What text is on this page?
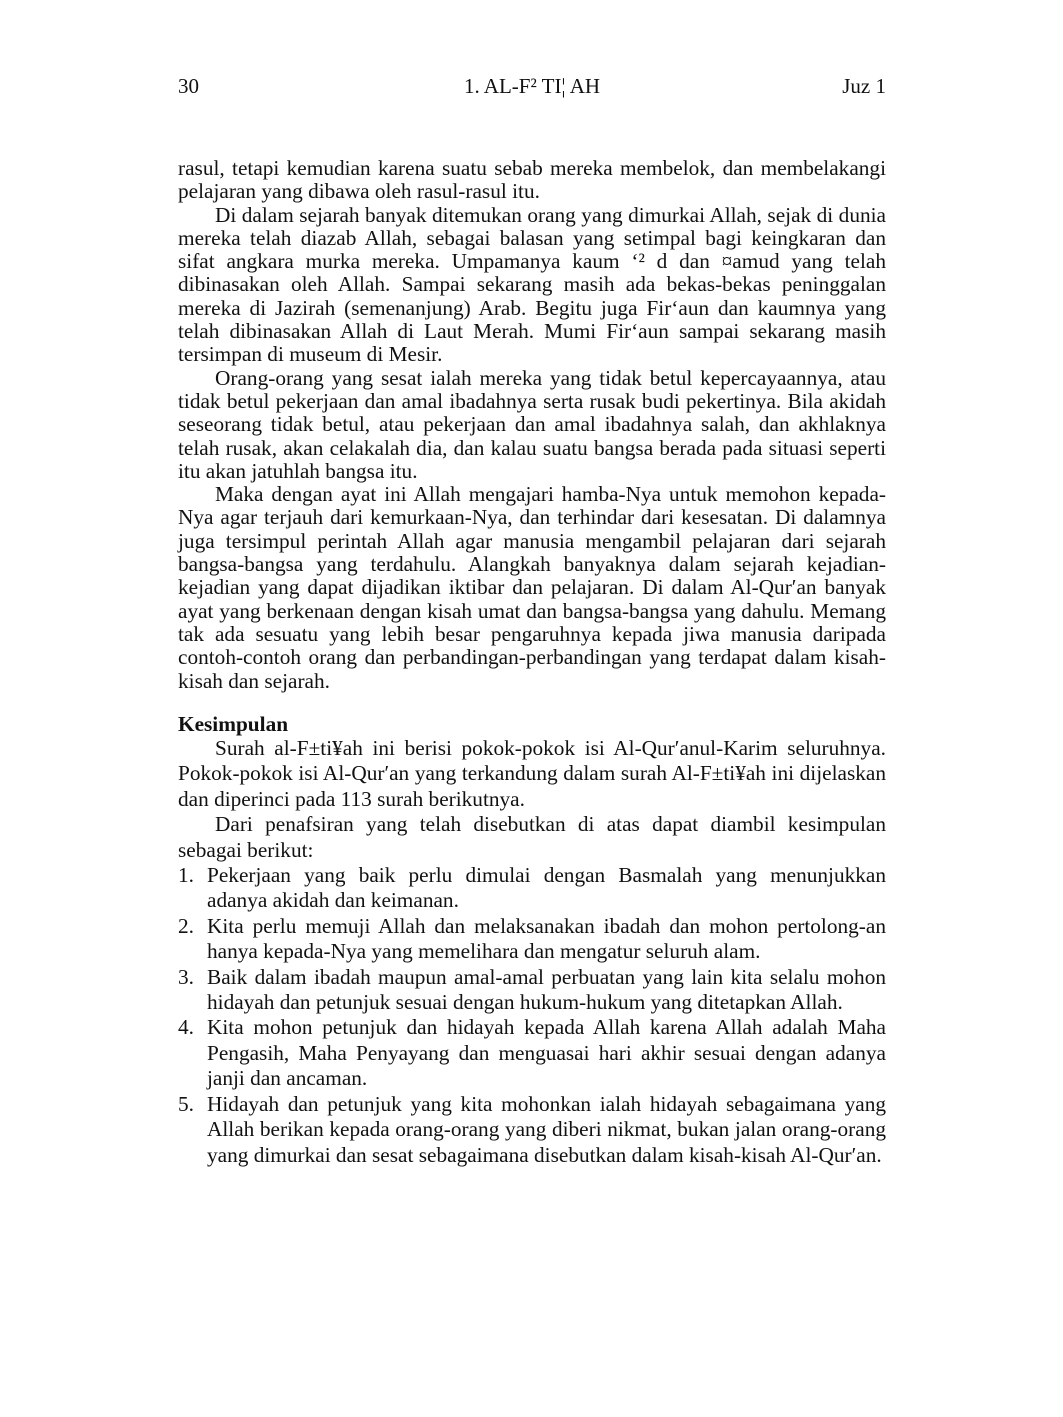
30	1. AL-F² TI¦ AH	Juz 1

rasul, tetapi kemudian karena suatu sebab mereka membelok, dan membelakangi pelajaran yang dibawa oleh rasul-rasul itu.

Di dalam sejarah banyak ditemukan orang yang dimurkai Allah, sejak di dunia mereka telah diazab Allah, sebagai balasan yang setimpal bagi keingkaran dan sifat angkara murka mereka. Umpamanya kaum ‘² d dan ¤amud yang telah dibinasakan oleh Allah. Sampai sekarang masih ada bekas-bekas peninggalan mereka di Jazirah (semenanjung) Arab. Begitu juga Fir‘aun dan kaumnya yang telah dibinasakan Allah di Laut Merah. Mumi Fir‘aun sampai sekarang masih tersimpan di museum di Mesir.

Orang-orang yang sesat ialah mereka yang tidak betul kepercayaannya, atau tidak betul pekerjaan dan amal ibadahnya serta rusak budi pekertinya. Bila akidah seseorang tidak betul, atau pekerjaan dan amal ibadahnya salah, dan akhlaknya telah rusak, akan celakalah dia, dan kalau suatu bangsa berada pada situasi seperti itu akan jatuhlah bangsa itu.

Maka dengan ayat ini Allah mengajari hamba-Nya untuk memohon kepada-Nya agar terjauh dari kemurkaan-Nya, dan terhindar dari kesesatan. Di dalamnya juga tersimpul perintah Allah agar manusia mengambil pelajaran dari sejarah bangsa-bangsa yang terdahulu. Alangkah banyaknya dalam sejarah kejadian-kejadian yang dapat dijadikan iktibar dan pelajaran. Di dalam Al-Qur′an banyak ayat yang berkenaan dengan kisah umat dan bangsa-bangsa yang dahulu. Memang tak ada sesuatu yang lebih besar pengaruhnya kepada jiwa manusia daripada contoh-contoh orang dan perbandingan-perbandingan yang terdapat dalam kisah-kisah dan sejarah.

Kesimpulan

Surah al-F±ti¥ah ini berisi pokok-pokok isi Al-Qur′anul-Karim seluruhnya. Pokok-pokok isi Al-Qur′an yang terkandung dalam surah Al-F±ti¥ah ini dijelaskan dan diperinci pada 113 surah berikutnya.

Dari penafsiran yang telah disebutkan di atas dapat diambil kesimpulan sebagai berikut:

1. Pekerjaan yang baik perlu dimulai dengan Basmalah yang menunjukkan adanya akidah dan keimanan.
2. Kita perlu memuji Allah dan melaksanakan ibadah dan mohon pertolong-an hanya kepada-Nya yang memelihara dan mengatur seluruh alam.
3. Baik dalam ibadah maupun amal-amal perbuatan yang lain kita selalu mohon hidayah dan petunjuk sesuai dengan hukum-hukum yang ditetapkan Allah.
4. Kita mohon petunjuk dan hidayah kepada Allah karena Allah adalah Maha Pengasih, Maha Penyayang dan menguasai hari akhir sesuai dengan adanya janji dan ancaman.
5. Hidayah dan petunjuk yang kita mohonkan ialah hidayah sebagaimana yang Allah berikan kepada orang-orang yang diberi nikmat, bukan jalan orang-orang yang dimurkai dan sesat sebagaimana disebutkan dalam kisah-kisah Al-Qur′an.
